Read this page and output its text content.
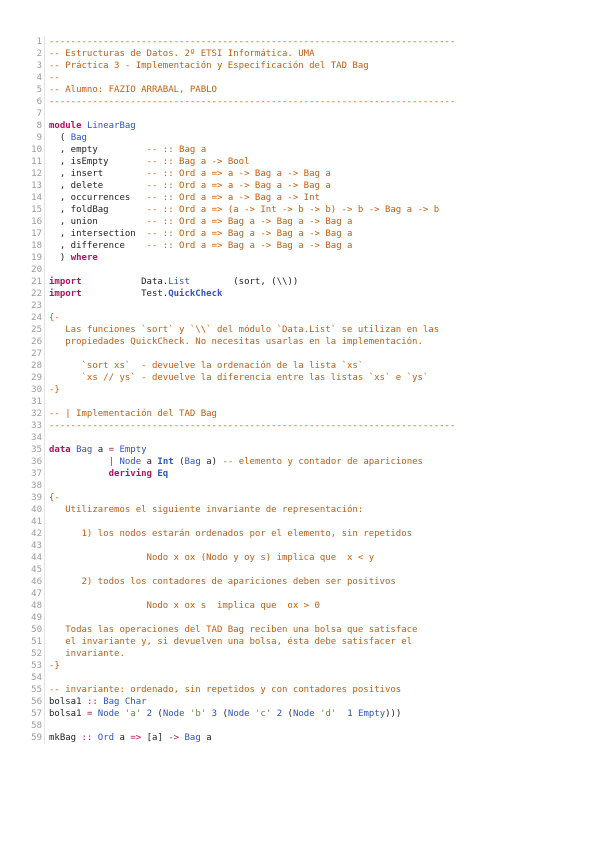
1 ---------------------------------------------------------------------------
2 -- Estructuras de Datos. 2º ETSI Informática. UMA
3 -- Práctica 3 - Implementación y Especificación del TAD Bag
4 --
5 -- Alumno: FAZIO ARRABAL, PABLO
6 ---------------------------------------------------------------------------
7
8 module LinearBag
9 ( Bag
10 , empty         -- :: Bag a
11 , isEmpty       -- :: Bag a -> Bool
12 , insert        -- :: Ord a => a -> Bag a -> Bag a
13 , delete        -- :: Ord a => a -> Bag a -> Bag a
14 , occurrences   -- :: Ord a => a -> Bag a -> Int
15 , foldBag       -- :: Ord a => (a -> Int -> b -> b) -> b -> Bag a -> b
16 , union         -- :: Ord a => Bag a -> Bag a -> Bag a
17 , intersection  -- :: Ord a => Bag a -> Bag a -> Bag a
18 , difference    -- :: Ord a => Bag a -> Bag a -> Bag a
19 ) where
20
21 import           Data.List        (sort, (\\))
22 import           Test.QuickCheck
23
24 {-
25 Las funciones `sort` y `\\` del módulo `Data.List` se utilizan en las
26 propiedades QuickCheck. No necesitas usarlas en la implementación.
27
28 `sort xs`  - devuelve la ordenación de la lista `xs`
29 `xs // ys` - devuelve la diferencia entre las listas `xs` e `ys`
30 -}
31
32 -- | Implementación del TAD Bag
33 ---------------------------------------------------------------------------
34
35 data Bag a = Empty
36	| Node a Int (Bag a) -- elemento y contador de apariciones
37	deriving Eq
38
39 {-
40 Utilizaremos el siguiente invariante de representación:
41
42 1) los nodos estarán ordenados por el elemento, sin repetidos
43
44 Nodo x ox (Nodo y oy s) implica que  x < y
45
46 2) todos los contadores de apariciones deben ser positivos
47
48 Nodo x ox s  implica que  ox > 0
49
50 Todas las operaciones del TAD Bag reciben una bolsa que satisface
51 el invariante y, si devuelven una bolsa, ésta debe satisfacer el
52 invariante.
53 -}
54
55 -- invariante: ordenado, sin repetidos y con contadores positivos
56 bolsa1 :: Bag Char
57 bolsa1 = Node 'a' 2 (Node 'b' 3 (Node 'c' 2 (Node 'd' 1 Empty)))
58
59 mkBag :: Ord a => [a] -> Bag a
